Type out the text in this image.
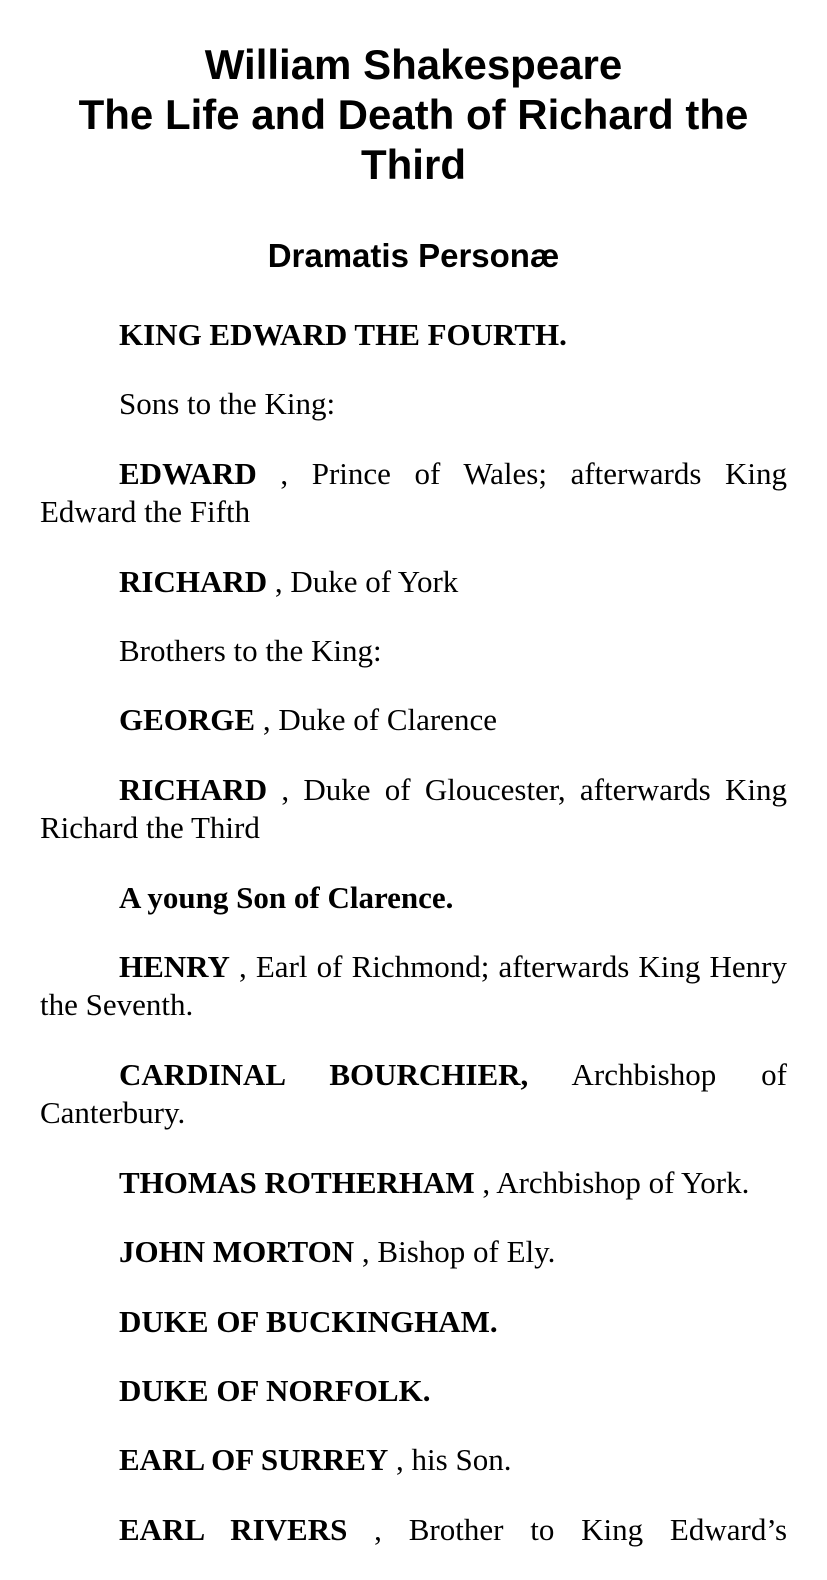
William Shakespeare
The Life and Death of Richard the
Third
Dramatis Personæ

KING EDWARD THE FOURTH.

Sons to the King:

EDWARD , Prince of Wales; afterwards King Edward the Fifth

RICHARD , Duke of York

Brothers to the King:

GEORGE , Duke of Clarence

RICHARD , Duke of Gloucester, afterwards King Richard the Third

A young Son of Clarence.

HENRY , Earl of Richmond; afterwards King Henry the Seventh.

CARDINAL BOURCHIER, Archbishop of Canterbury.

THOMAS ROTHERHAM , Archbishop of York.

JOHN MORTON , Bishop of Ely.

DUKE OF BUCKINGHAM.

DUKE OF NORFOLK.

EARL OF SURREY , his Son.

EARL RIVERS , Brother to King Edward’s
